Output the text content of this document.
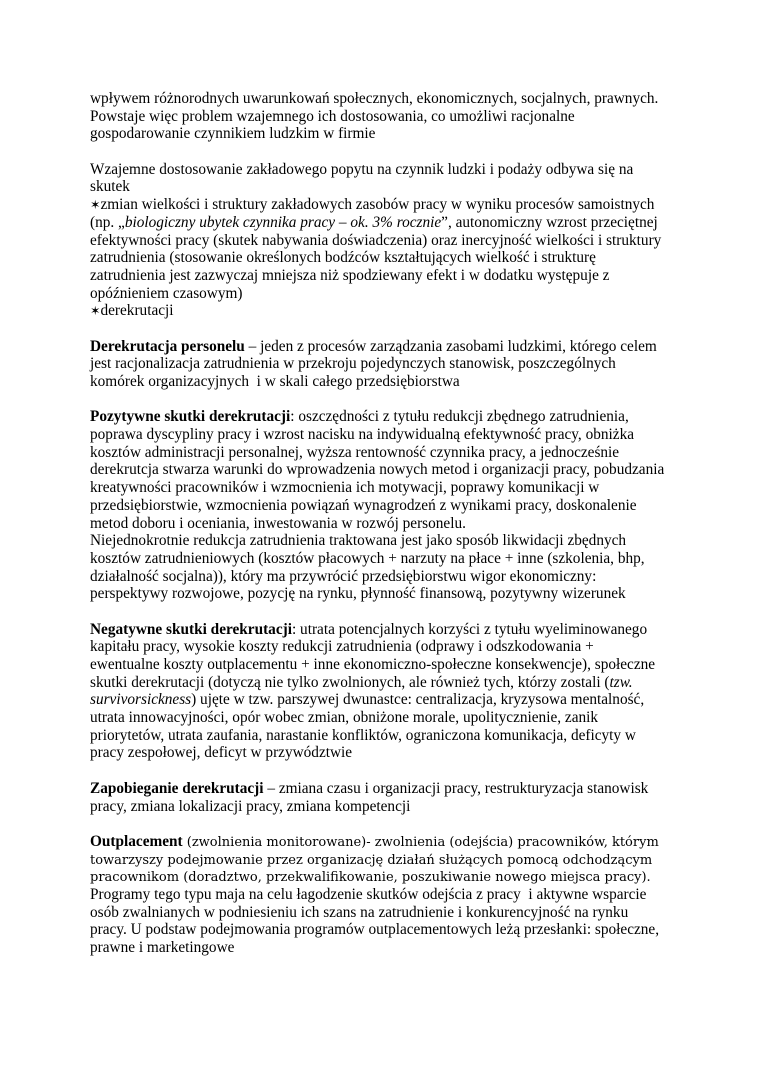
wpływem różnorodnych uwarunkowań społecznych, ekonomicznych, socjalnych, prawnych.
Powstaje więc problem wzajemnego ich dostosowania, co umożliwi racjonalne
gospodarowanie czynnikiem ludzkim w firmie
Wzajemne dostosowanie zakładowego popytu na czynnik ludzki i podaży odbywa się na
skutek
✶zmian wielkości i struktury zakładowych zasobów pracy w wyniku procesów samoistnych
(np. „biologiczny ubytek czynnika pracy – ok. 3% rocznie”, autonomiczny wzrost przeciętnej
efektywności pracy (skutek nabywania doświadczenia) oraz inercyjność wielkości i struktury
zatrudnienia (stosowanie określonych bodźców kształtujących wielkość i strukturę
zatrudnienia jest zazwyczaj mniejsza niż spodziewany efekt i w dodatku występuje z
opóźnieniem czasowym)
✶derekrutacji
Derekrutacja personelu – jeden z procesów zarządzania zasobami ludzkimi, którego celem
jest racjonalizacja zatrudnienia w przekroju pojedynczych stanowisk, poszczególnych
komórek organizacyjnych  i w skali całego przedsiębiorstwa
Pozytywne skutki derekrutacji: oszczędności z tytułu redukcji zbędnego zatrudnienia,
poprawa dyscypliny pracy i wzrost nacisku na indywidualną efektywność pracy, obniżka
kosztów administracji personalnej, wyższa rentowność czynnika pracy, a jednocześnie
derekrutcja stwarza warunki do wprowadzenia nowych metod i organizacji pracy, pobudzania
kreatywności pracowników i wzmocnienia ich motywacji, poprawy komunikacji w
przedsiębiorstwie, wzmocnienia powiązań wynagrodzeń z wynikami pracy, doskonalenie
metod doboru i oceniania, inwestowania w rozwój personelu.
Niejednokrotnie redukcja zatrudnienia traktowana jest jako sposób likwidacji zbędnych
kosztów zatrudnieniowych (kosztów płacowych + narzuty na płace + inne (szkolenia, bhp,
działalność socjalna)), który ma przywrócić przedsiębiorstwu wigor ekonomiczny:
perspektywy rozwojowe, pozycję na rynku, płynność finansową, pozytywny wizerunek
Negatywne skutki derekrutacji: utrata potencjalnych korzyści z tytułu wyeliminowanego
kapitału pracy, wysokie koszty redukcji zatrudnienia (odprawy i odszkodowania +
ewentualne koszty outplacementu + inne ekonomiczno-społeczne konsekwencje), społeczne
skutki derekrutacji (dotyczą nie tylko zwolnionych, ale również tych, którzy zostali (tzw.
survivorsickness) ujęte w tzw. parszywej dwunastce: centralizacja, kryzysowa mentalność,
utrata innowacyjności, opór wobec zmian, obniżone morale, upolitycznienie, zanik
priorytetów, utrata zaufania, narastanie konfliktów, ograniczona komunikacja, deficyty w
pracy zespołowej, deficyt w przywództwie
Zapobieganie derekrutacji – zmiana czasu i organizacji pracy, restrukturyzacja stanowisk
pracy, zmiana lokalizacji pracy, zmiana kompetencji
Outplacement (zwolnienia monitorowane)- zwolnienia (odejścia) pracowników, którym
towarzyszy podejmowanie przez organizację działań służących pomocą odchodzącym
pracownikom (doradztwo, przekwalifikowanie, poszukiwanie nowego miejsca pracy).
Programy tego typu maja na celu łagodzenie skutków odejścia z pracy  i aktywne wsparcie
osób zwalnianych w podniesieniu ich szans na zatrudnienie i konkurencyjność na rynku
pracy. U podstaw podejmowania programów outplacementowych leżą przesłanki: społeczne,
prawne i marketingowe
